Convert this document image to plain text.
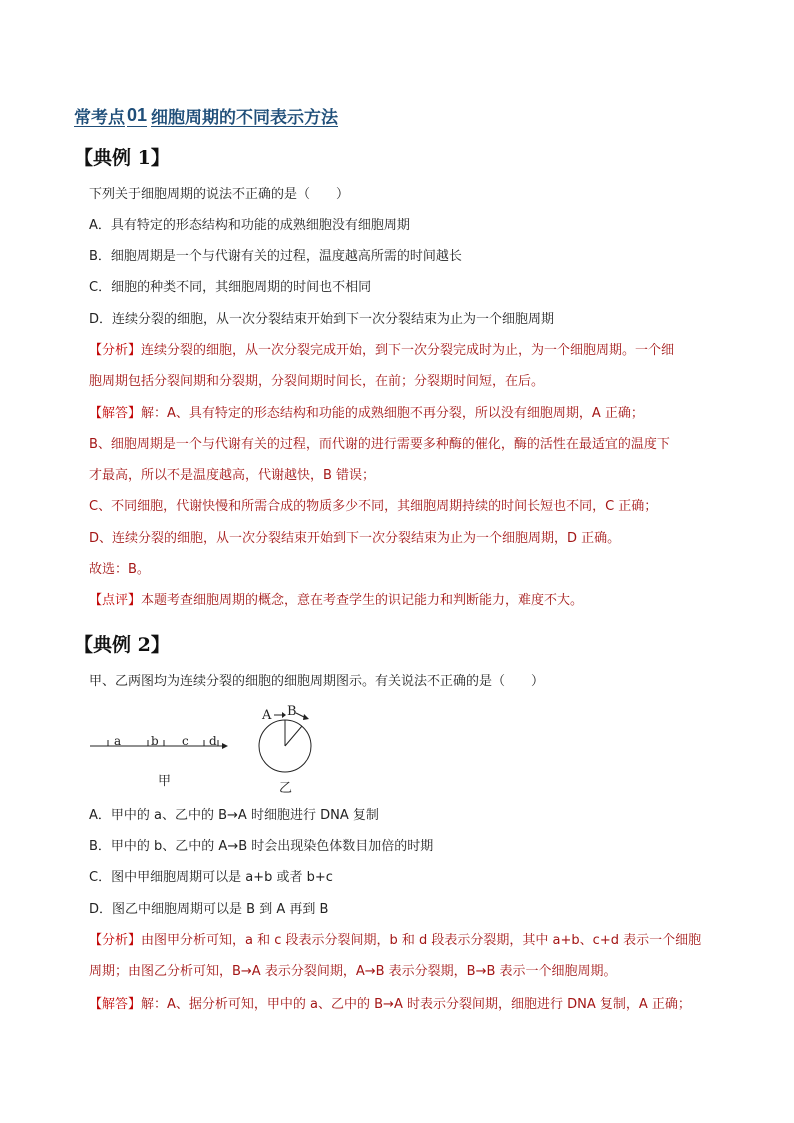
常考点 01 细胞周期的不同表示方法
【典例 1】
下列关于细胞周期的说法不正确的是（　　）
A．具有特定的形态结构和功能的成熟细胞没有细胞周期
B．细胞周期是一个与代谢有关的过程，温度越高所需的时间越长
C．细胞的种类不同，其细胞周期的时间也不相同
D．连续分裂的细胞，从一次分裂结束开始到下一次分裂结束为止为一个细胞周期
【分析】连续分裂的细胞，从一次分裂完成开始，到下一次分裂完成时为止，为一个细胞周期。一个细
胞周期包括分裂间期和分裂期，分裂间期时间长，在前；分裂期时间短，在后。
【解答】解：A、具有特定的形态结构和功能的成熟细胞不再分裂，所以没有细胞周期，A 正确；
B、细胞周期是一个与代谢有关的过程，而代谢的进行需要多种酶的催化，酶的活性在最适宜的温度下
才最高，所以不是温度越高，代谢越快，B 错误；
C、不同细胞，代谢快慢和所需合成的物质多少不同，其细胞周期持续的时间长短也不同，C 正确；
D、连续分裂的细胞，从一次分裂结束开始到下一次分裂结束为止为一个细胞周期，D 正确。
故选：B。
【点评】本题考查细胞周期的概念，意在考查学生的识记能力和判断能力，难度不大。
【典例 2】
甲、乙两图均为连续分裂的细胞的细胞周期图示。有关说法不正确的是（　　）
a b c d
甲
A B
乙
A．甲中的 a、乙中的 B→A 时细胞进行 DNA 复制
B．甲中的 b、乙中的 A→B 时会出现染色体数目加倍的时期
C．图中甲细胞周期可以是 a+b 或者 b+c
D．图乙中细胞周期可以是 B 到 A 再到 B
【分析】由图甲分析可知，a 和 c 段表示分裂间期，b 和 d 段表示分裂期，其中 a+b、c+d 表示一个细胞
周期；由图乙分析可知，B→A 表示分裂间期，A→B 表示分裂期，B→B 表示一个细胞周期。
【解答】解：A、据分析可知，甲中的 a、乙中的 B→A 时表示分裂间期，细胞进行 DNA 复制，A 正确；
